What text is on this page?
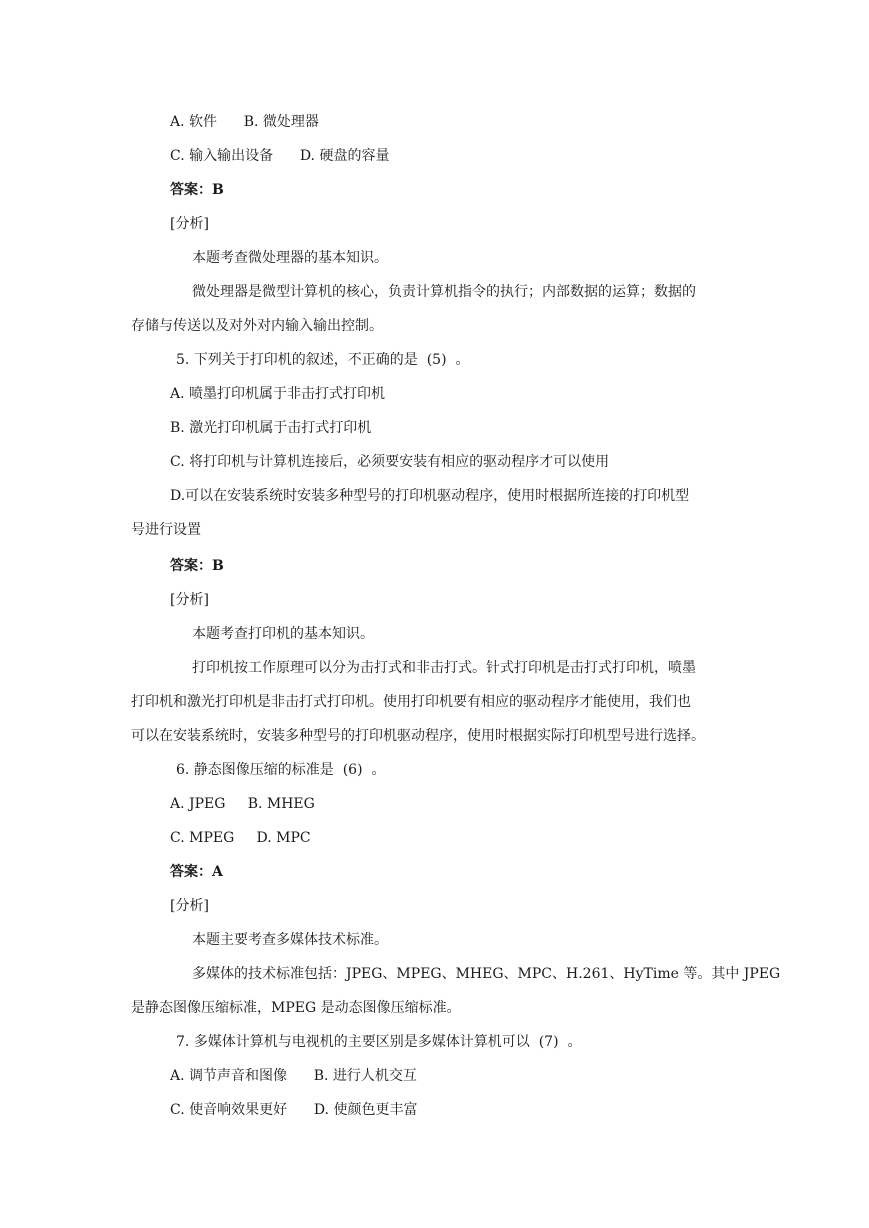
A. 软件      B. 微处理器
C. 输入输出设备      D. 硬盘的容量
答案：B
[分析]
本题考查微处理器的基本知识。
微处理器是微型计算机的核心，负责计算机指令的执行；内部数据的运算；数据的
存储与传送以及对外对内输入输出控制。
5. 下列关于打印机的叙述，不正确的是  (5)  。
A. 喷墨打印机属于非击打式打印机
B. 激光打印机属于击打式打印机
C. 将打印机与计算机连接后，必须要安装有相应的驱动程序才可以使用
D.可以在安装系统时安装多种型号的打印机驱动程序，使用时根据所连接的打印机型
号进行设置
答案：B
[分析]
本题考查打印机的基本知识。
打印机按工作原理可以分为击打式和非击打式。针式打印机是击打式打印机，喷墨
打印机和激光打印机是非击打式打印机。使用打印机要有相应的驱动程序才能使用，我们也
可以在安装系统时，安装多种型号的打印机驱动程序，使用时根据实际打印机型号进行选择。
6. 静态图像压缩的标准是  (6)  。
A. JPEG     B. MHEG
C. MPEG     D. MPC
答案：A
[分析]
本题主要考查多媒体技术标准。
多媒体的技术标准包括：JPEG、MPEG、MHEG、MPC、H.261、HyTime 等。其中 JPEG
是静态图像压缩标准，MPEG 是动态图像压缩标准。
7. 多媒体计算机与电视机的主要区别是多媒体计算机可以  (7)  。
A. 调节声音和图像      B. 进行人机交互
C. 使音响效果更好      D. 使颜色更丰富
